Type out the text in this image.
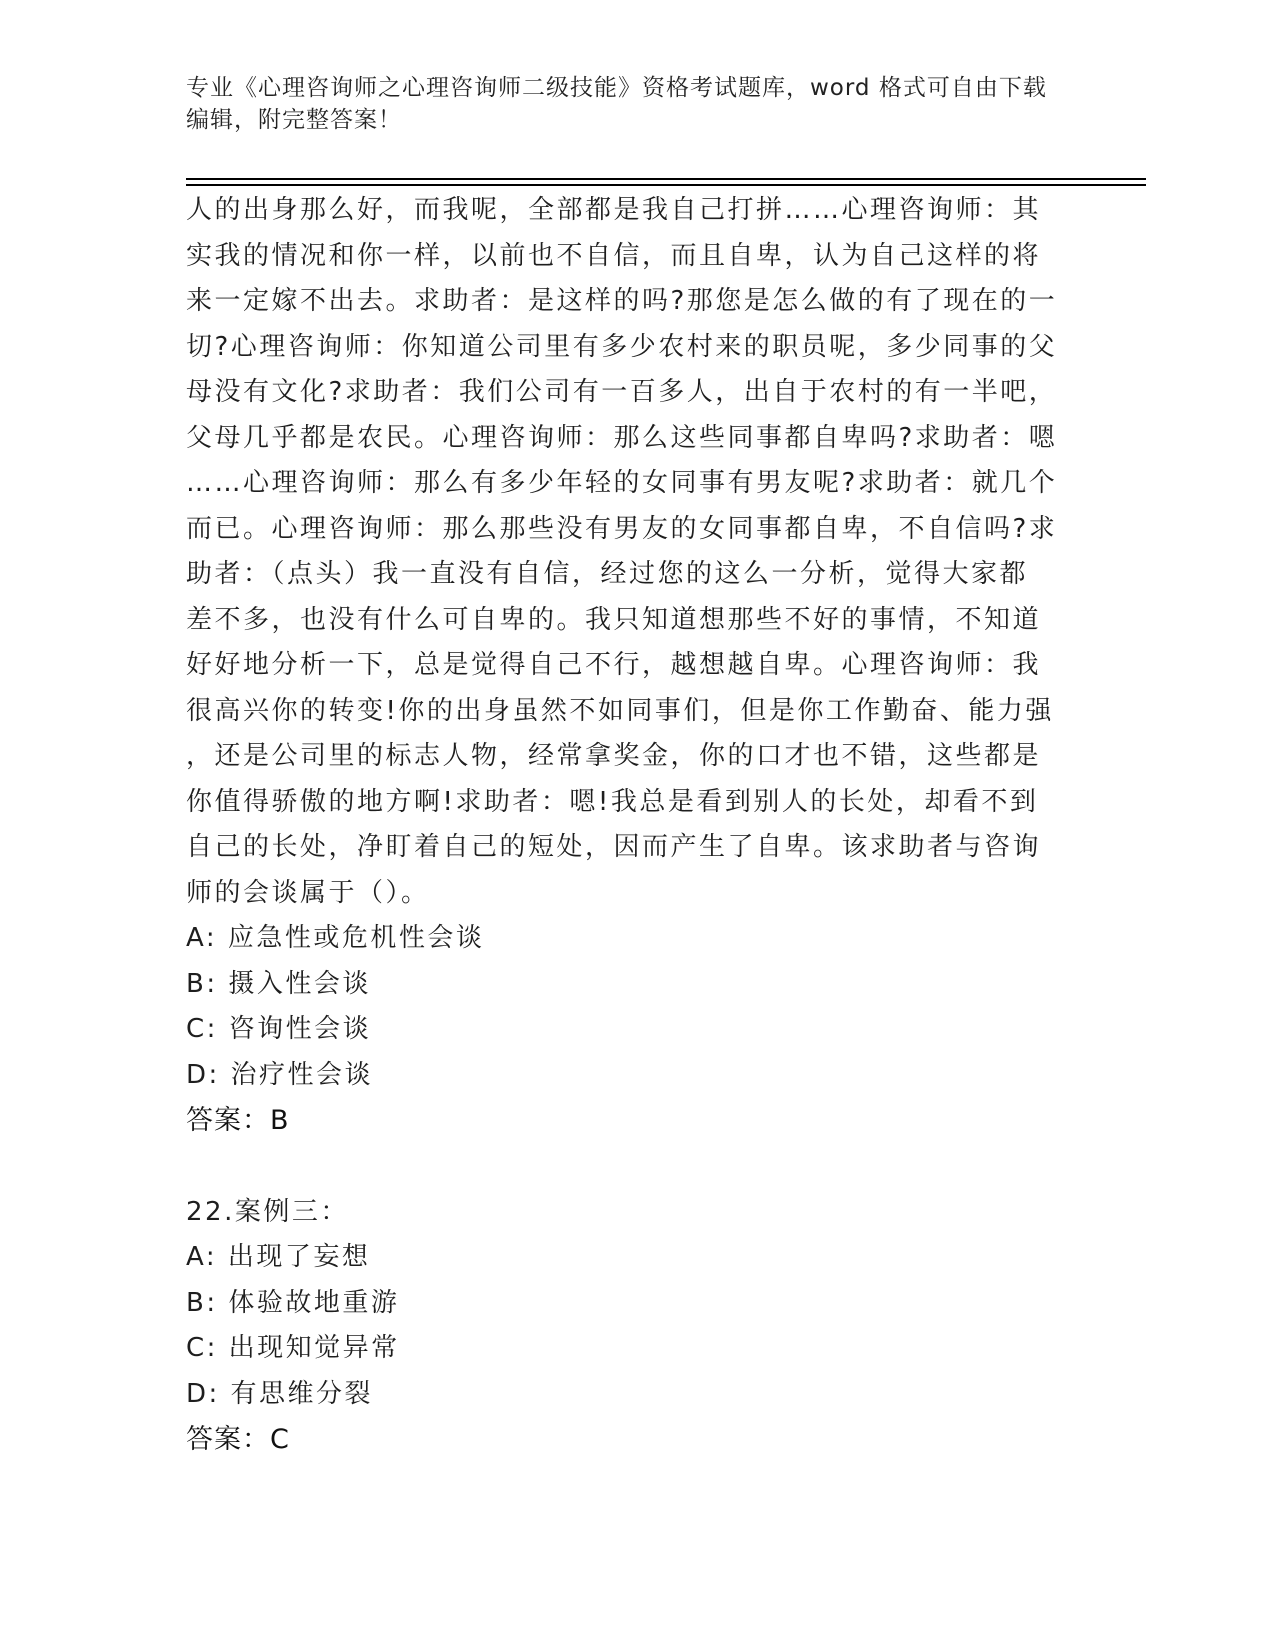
专业《心理咨询师之心理咨询师二级技能》资格考试题库，word 格式可自由下载
编辑，附完整答案！

人的出身那么好，而我呢，全部都是我自己打拼……心理咨询师：其

实我的情况和你一样，以前也不自信，而且自卑，认为自己这样的将

来一定嫁不出去。求助者：是这样的吗?那您是怎么做的有了现在的一

切?心理咨询师：你知道公司里有多少农村来的职员呢，多少同事的父

母没有文化?求助者：我们公司有一百多人，出自于农村的有一半吧，

父母几乎都是农民。心理咨询师：那么这些同事都自卑吗?求助者：嗯

……心理咨询师：那么有多少年轻的女同事有男友呢?求助者：就几个

而已。心理咨询师：那么那些没有男友的女同事都自卑，不自信吗?求

助者：（点头）我一直没有自信，经过您的这么一分析，觉得大家都

差不多，也没有什么可自卑的。我只知道想那些不好的事情，不知道

好好地分析一下，总是觉得自己不行，越想越自卑。心理咨询师：我

很高兴你的转变!你的出身虽然不如同事们，但是你工作勤奋、能力强

，还是公司里的标志人物，经常拿奖金，你的口才也不错，这些都是

你值得骄傲的地方啊!求助者：嗯!我总是看到别人的长处，却看不到

自己的长处，净盯着自己的短处，因而产生了自卑。该求助者与咨询

师的会谈属于（）。

A: 应急性或危机性会谈

B: 摄入性会谈

C: 咨询性会谈

D: 治疗性会谈

答案：B

22.案例三：

A: 出现了妄想

B: 体验故地重游

C: 出现知觉异常

D: 有思维分裂

答案：C
